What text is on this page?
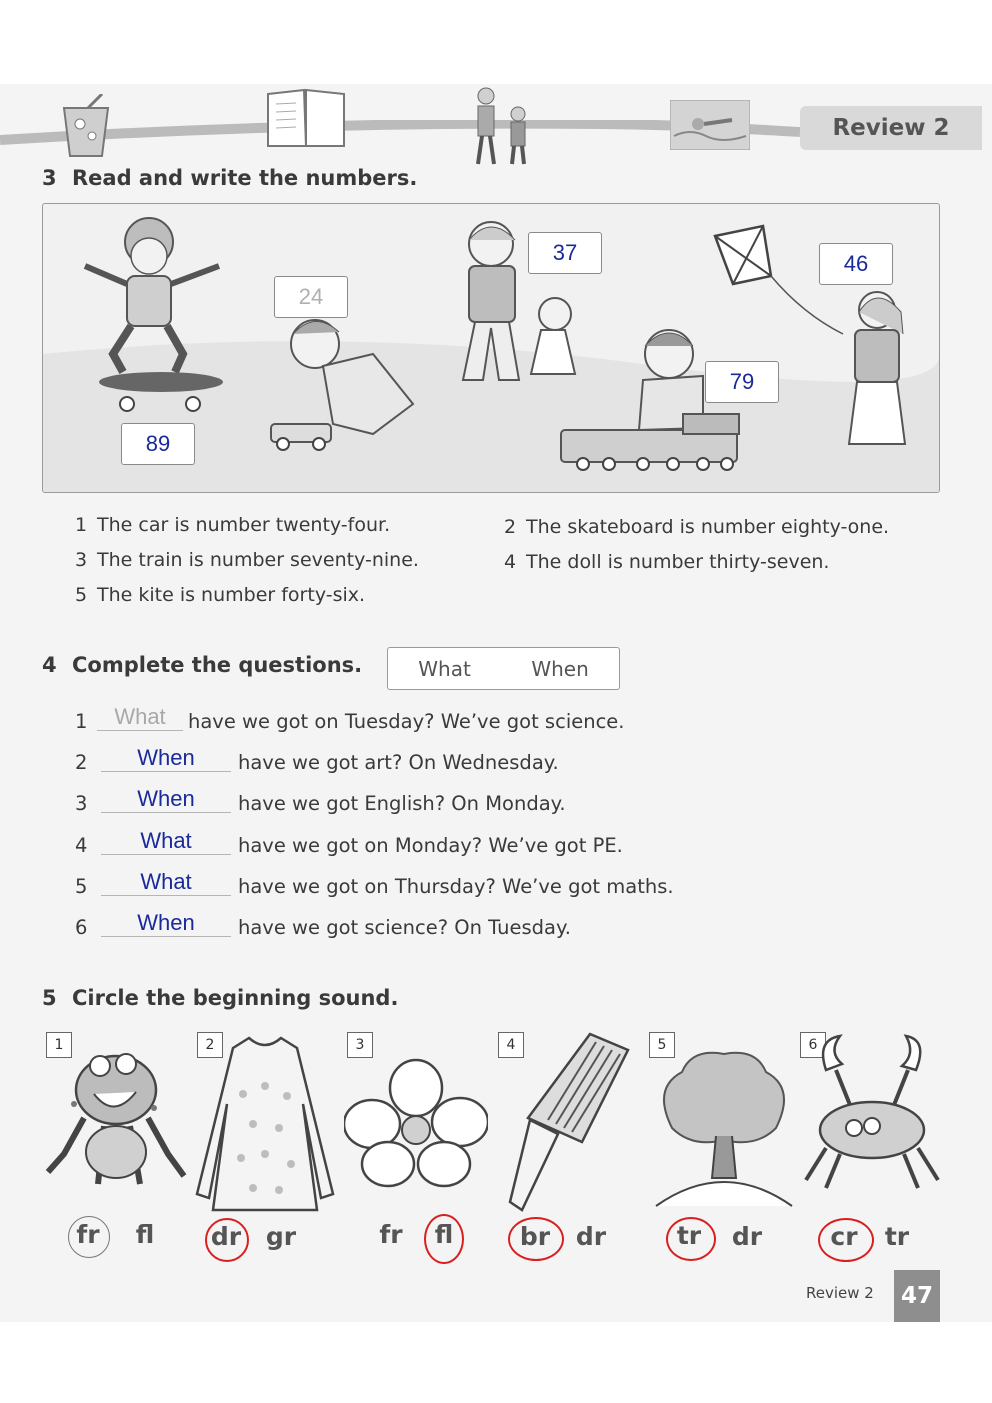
Review 2
3 Read and write the numbers.
24
37	46
79
89
1 The car is number twenty-four.	2 The skateboard is number eighty-one.
3 The train is number seventy-nine.	4 The doll is number thirty-seven.
5 The kite is number forty-six.
4 Complete the questions.	What	When
1	What	have we got on Tuesday? We’ve got science.
2	When	have we got art? On Wednesday.
3	When	have we got English? On Monday.
4	What	have we got on Monday? We’ve got PE.
5	What	have we got on Thursday? We’ve got maths.
6	When	have we got science? On Tuesday.
5 Circle the beginning sound.
1	2	3	4	5	6
fr	fl	dr gr	fr	fl	br	dr	tr	dr	cr	tr
Review 2	47
